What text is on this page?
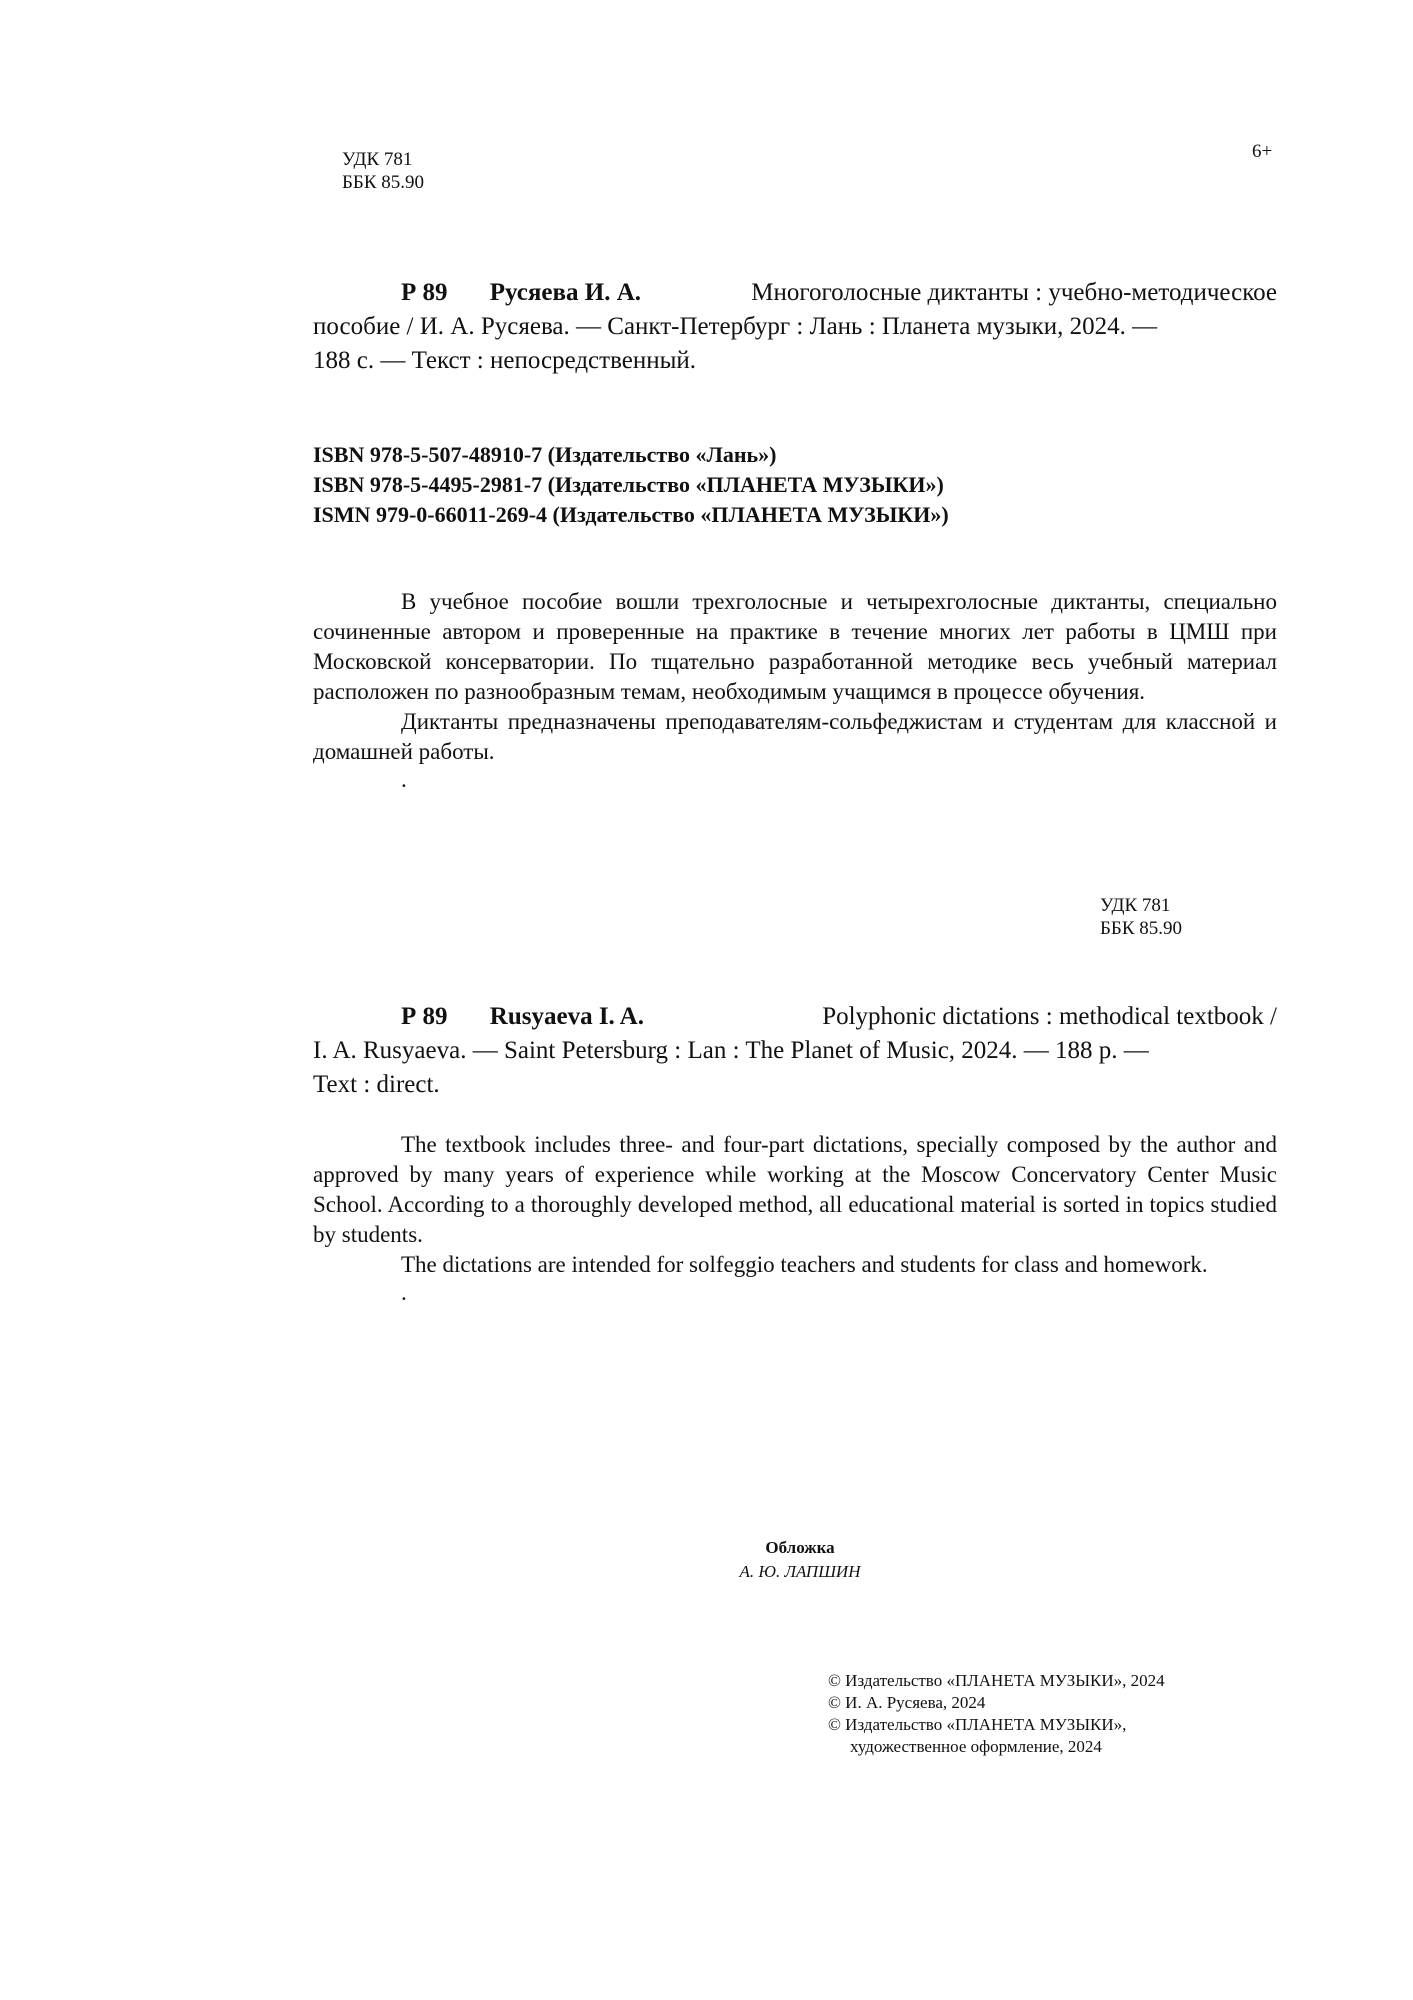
УДК 781
ББК 85.90
6+
Р 89 Русяева И. А.	Многоголосные диктанты : учебно-методическое
пособие / И. А. Русяева. — Санкт-Петербург : Лань : Планета музыки, 2024. —
188 с. — Текст : непосредственный.
ISBN 978-5-507-48910-7 (Издательство «Лань»)
ISBN 978-5-4495-2981-7 (Издательство «ПЛАНЕТА МУЗЫКИ»)
ISMN 979-0-66011-269-4 (Издательство «ПЛАНЕТА МУЗЫКИ»)
В учебное пособие вошли трехголосные и четырехголосные диктанты, специально сочиненные автором и проверенные на практике в течение многих лет работы в ЦМШ при Московской консерватории. По тщательно разработанной методике весь учебный материал расположен по разнообразным темам, необходимым учащимся в процессе обучения.
Диктанты предназначены преподавателям-сольфеджистам и студентам для классной и домашней работы.
.
УДК 781
ББК 85.90
Р 89 Rusyaeva I. A.	Polyphonic dictations : methodical textbook /
I. A. Rusyaeva. — Saint Petersburg : Lan : The Planet of Music, 2024. — 188 p. —
Text : direct.
The textbook includes three- and four-part dictations, specially composed by the author and approved by many years of experience while working at the Moscow Concervatory Center Music School. According to a thoroughly developed method, all educational material is sorted in topics studied by students.
The dictations are intended for solfeggio teachers and students for class and homework.
.
Обложка
А. Ю. ЛАПШИН
© Издательство «ПЛАНЕТА МУЗЫКИ», 2024
© И. А. Русяева, 2024
© Издательство «ПЛАНЕТА МУЗЫКИ»,
художественное оформление, 2024
